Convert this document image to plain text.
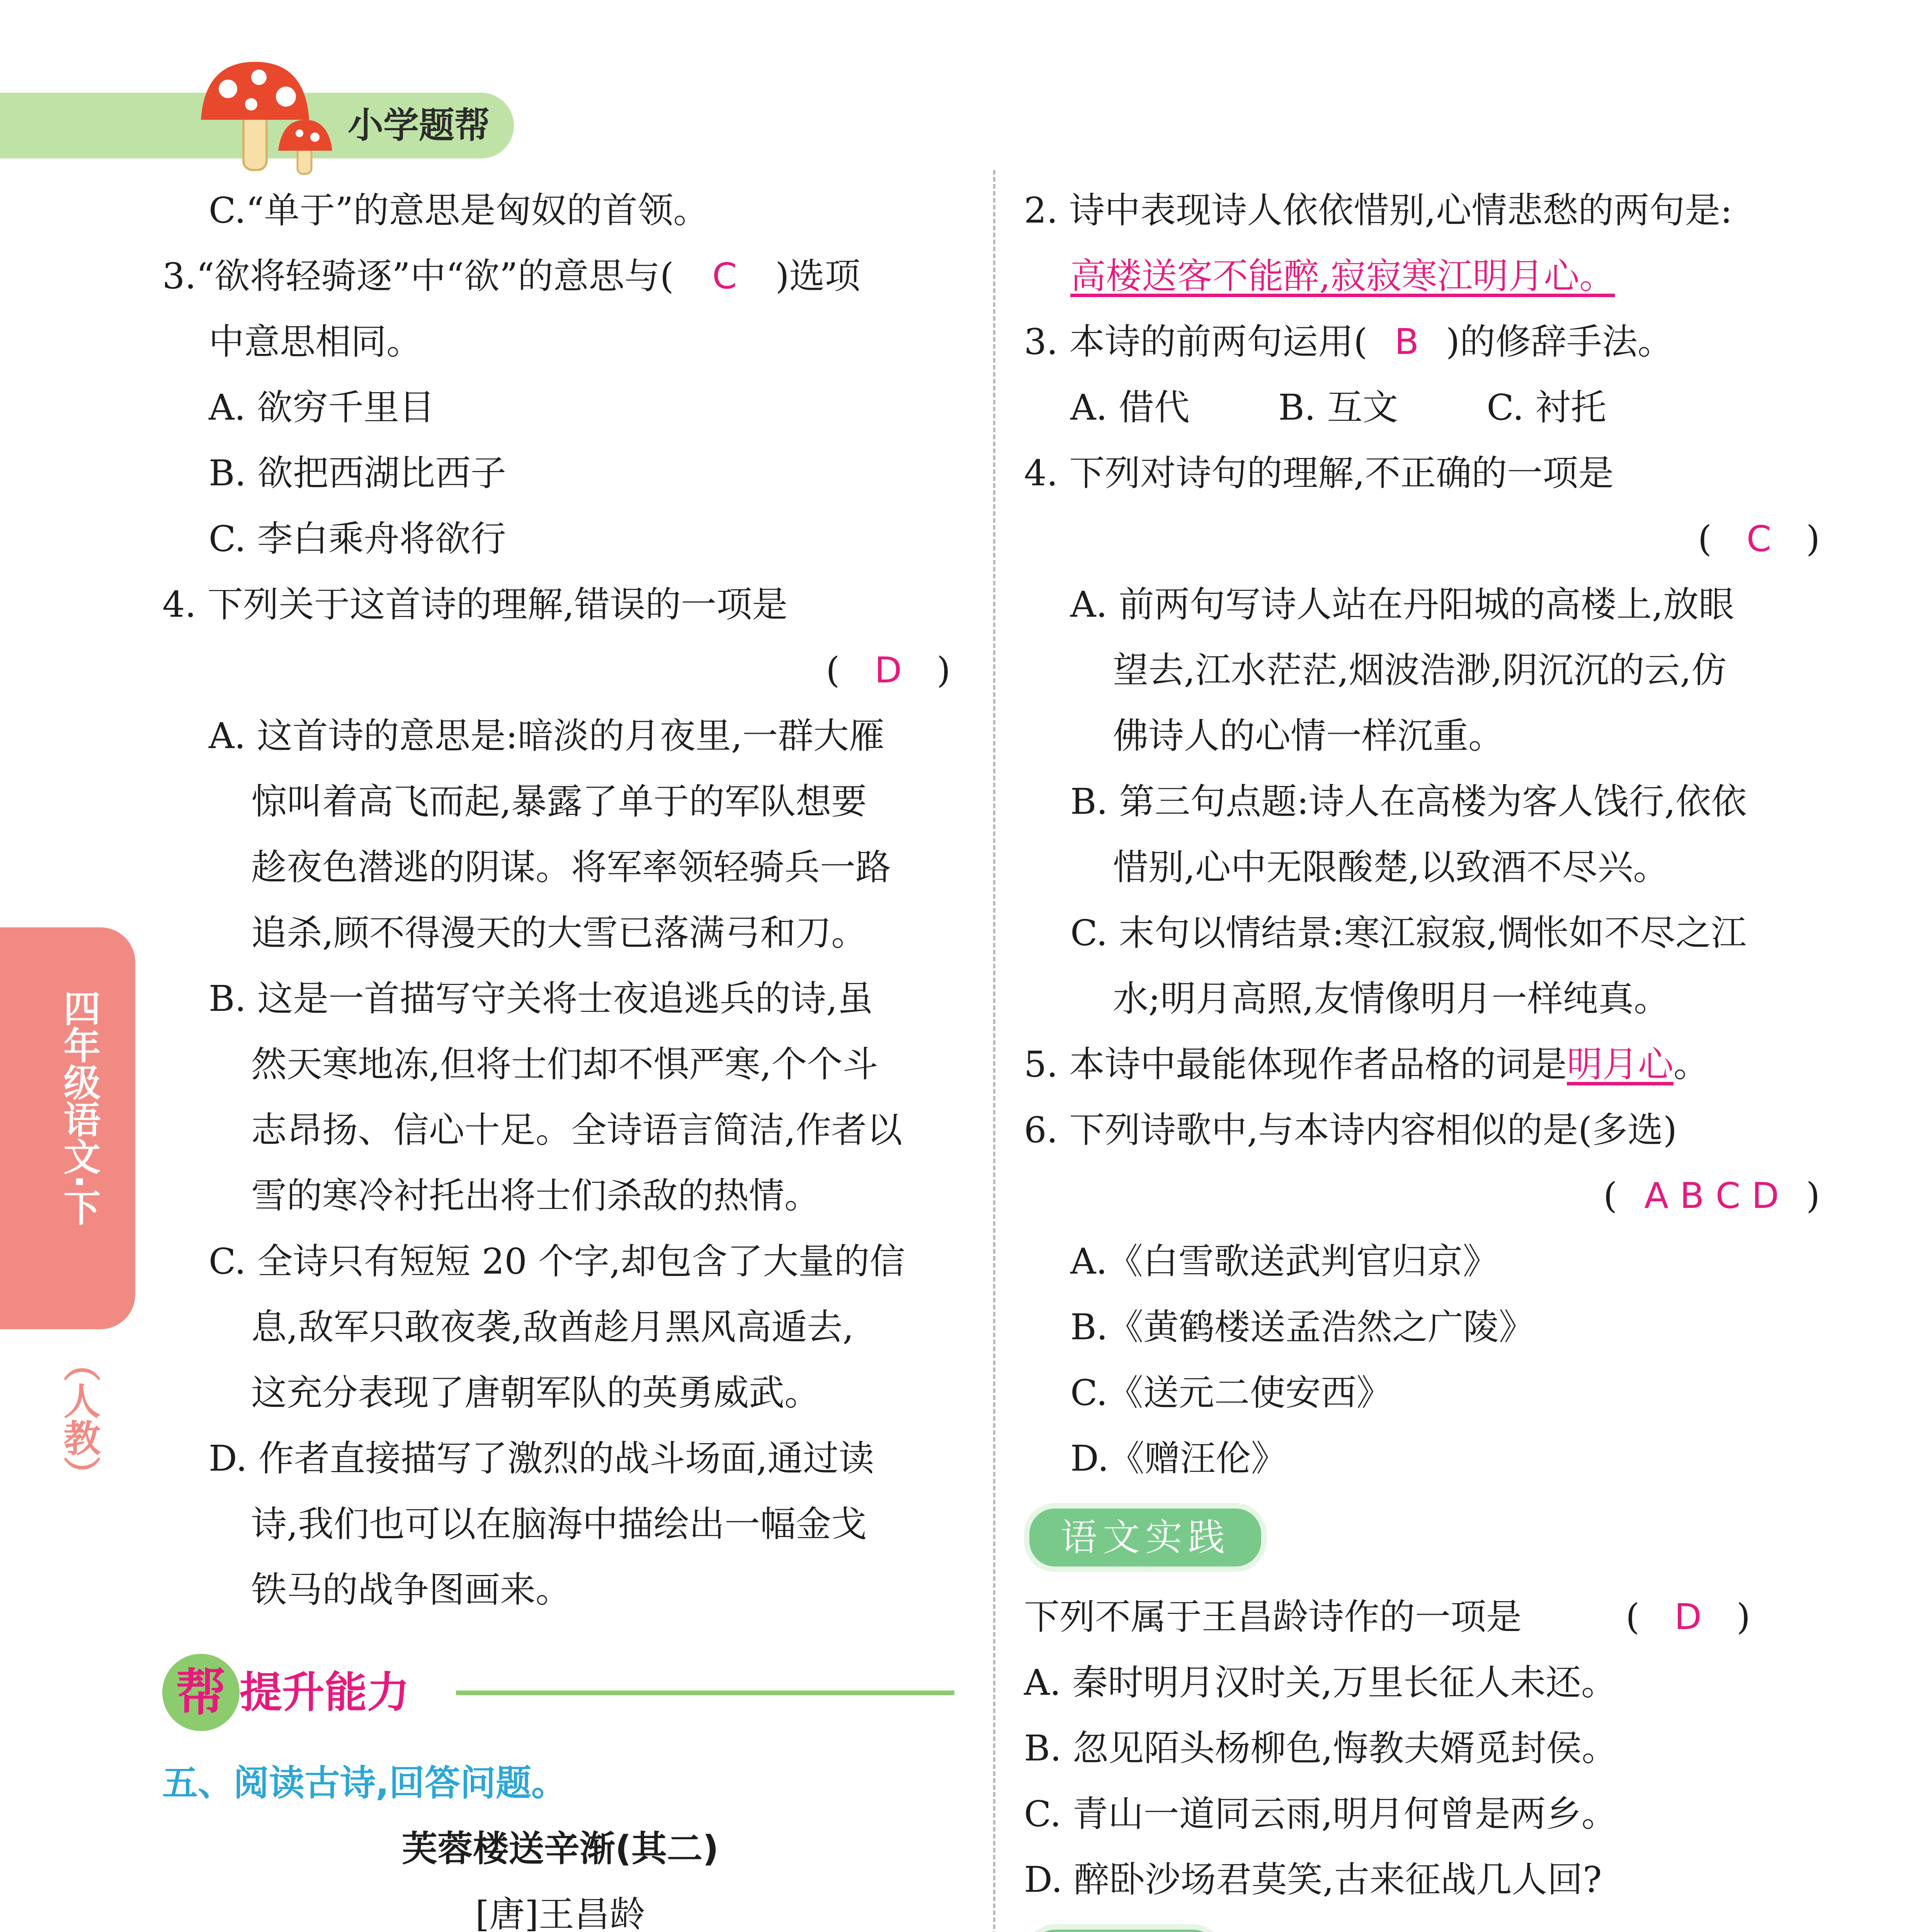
小学题帮
四年级语文·下
（人教）
C.“单于”的意思是匈奴的首领。
3.“欲将轻骑逐”中“欲”的意思与( C )选项
中意思相同。
A. 欲穷千里目
B. 欲把西湖比西子
C. 李白乘舟将欲行
4. 下列关于这首诗的理解,错误的一项是
( D )
A. 这首诗的意思是:暗淡的月夜里,一群大雁
惊叫着高飞而起,暴露了单于的军队想要
趁夜色潜逃的阴谋。将军率领轻骑兵一路
追杀,顾不得漫天的大雪已落满弓和刀。
B. 这是一首描写守关将士夜追逃兵的诗,虽
然天寒地冻,但将士们却不惧严寒,个个斗
志昂扬、信心十足。全诗语言简洁,作者以
雪的寒冷衬托出将士们杀敌的热情。
C. 全诗只有短短 20 个字,却包含了大量的信
息,敌军只敢夜袭,敌酋趁月黑风高遁去,
这充分表现了唐朝军队的英勇威武。
D. 作者直接描写了激烈的战斗场面,通过读
诗,我们也可以在脑海中描绘出一幅金戈
铁马的战争图画来。
帮 提升能力
五、阅读古诗,回答问题。
芙蓉楼送辛渐(其二)
[唐]王昌龄
2. 诗中表现诗人依依惜别,心情悲愁的两句是:
高楼送客不能醉,寂寂寒江明月心。
3. 本诗的前两句运用( B )的修辞手法。
A. 借代 B. 互文 C. 衬托
4. 下列对诗句的理解,不正确的一项是
( C )
A. 前两句写诗人站在丹阳城的高楼上,放眼
望去,江水茫茫,烟波浩渺,阴沉沉的云,仿
佛诗人的心情一样沉重。
B. 第三句点题:诗人在高楼为客人饯行,依依
惜别,心中无限酸楚,以致酒不尽兴。
C. 末句以情结景:寒江寂寂,惆怅如不尽之江
水;明月高照,友情像明月一样纯真。
5. 本诗中最能体现作者品格的词是明月心。
6. 下列诗歌中,与本诗内容相似的是(多选)
( A B C D )
A.《白雪歌送武判官归京》
B.《黄鹤楼送孟浩然之广陵》
C.《送元二使安西》
D.《赠汪伦》
语文实践
下列不属于王昌龄诗作的一项是	( D )
A. 秦时明月汉时关,万里长征人未还。
B. 忽见陌头杨柳色,悔教夫婿觅封侯。
C. 青山一道同云雨,明月何曾是两乡。
D. 醉卧沙场君莫笑,古来征战几人回?
